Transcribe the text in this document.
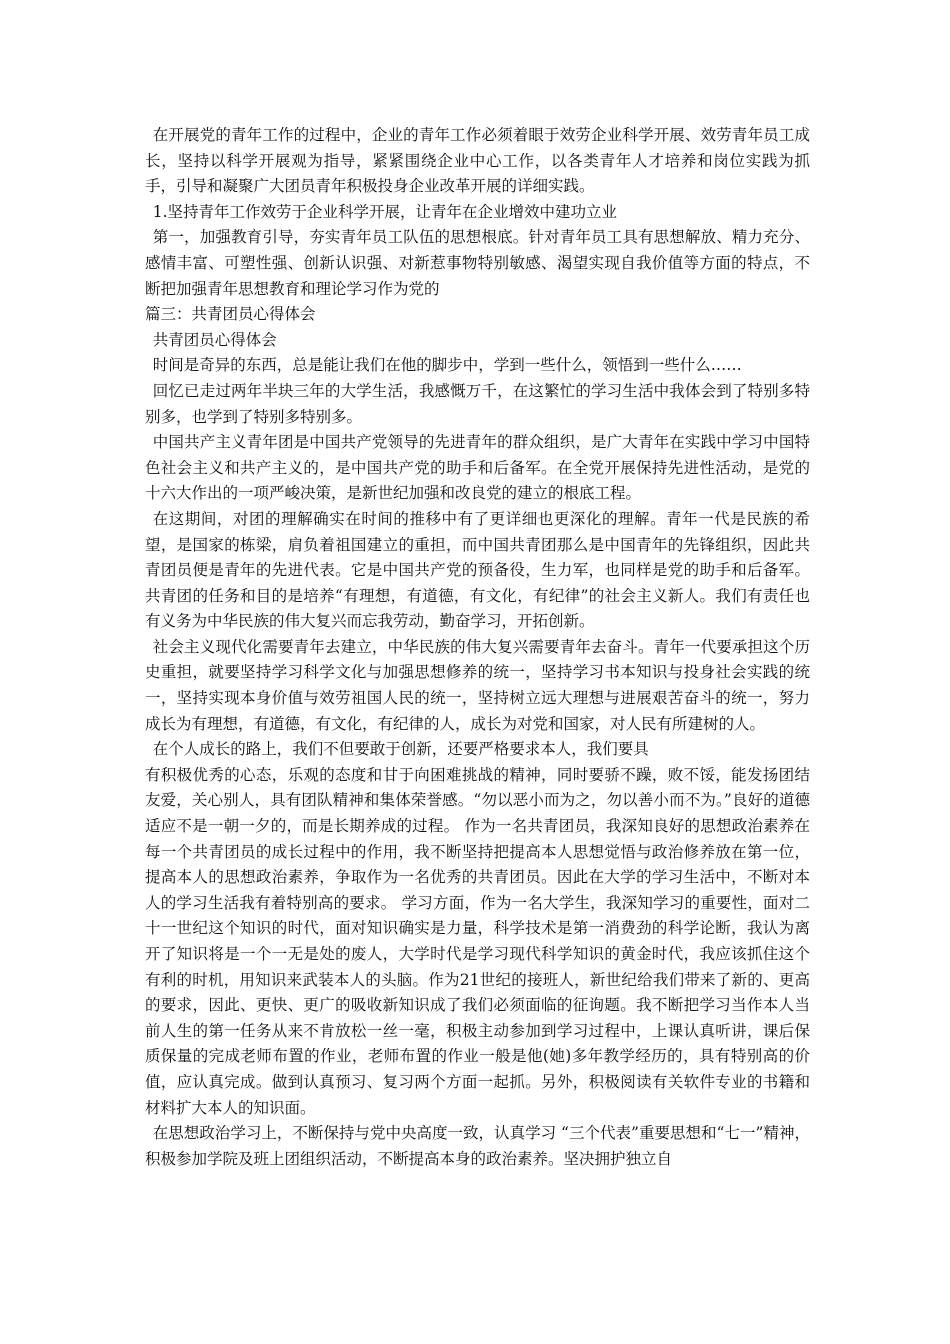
在开展党的青年工作的过程中，企业的青年工作必须着眼于效劳企业科学开展、效劳青年员工成长，坚持以科学开展观为指导，紧紧围绕企业中心工作，以各类青年人才培养和岗位实践为抓手，引导和凝聚广大团员青年积极投身企业改革开展的详细实践。

1.坚持青年工作效劳于企业科学开展，让青年在企业增效中建功立业

第一，加强教育引导，夯实青年员工队伍的思想根底。针对青年员工具有思想解放、精力充分、感情丰富、可塑性强、创新认识强、对新惹事物特别敏感、渴望实现自我价值等方面的特点，不断把加强青年思想教育和理论学习作为党的

篇三：共青团员心得体会

共青团员心得体会

时间是奇异的东西，总是能让我们在他的脚步中，学到一些什么，领悟到一些什么……

回忆已走过两年半块三年的大学生活，我感慨万千，在这繁忙的学习生活中我体会到了特别多特别多，也学到了特别多特别多。

中国共产主义青年团是中国共产党领导的先进青年的群众组织，是广大青年在实践中学习中国特色社会主义和共产主义的，是中国共产党的助手和后备军。在全党开展保持先进性活动，是党的十六大作出的一项严峻决策，是新世纪加强和改良党的建立的根底工程。

在这期间，对团的理解确实在时间的推移中有了更详细也更深化的理解。青年一代是民族的希望，是国家的栋梁，肩负着祖国建立的重担，而中国共青团那么是中国青年的先锋组织，因此共青团员便是青年的先进代表。它是中国共产党的预备役，生力军，也同样是党的助手和后备军。共青团的任务和目的是培养“有理想，有道德，有文化，有纪律”的社会主义新人。我们有责任也有义务为中华民族的伟大复兴而忘我劳动，勤奋学习，开拓创新。

社会主义现代化需要青年去建立，中华民族的伟大复兴需要青年去奋斗。青年一代要承担这个历史重担，就要坚持学习科学文化与加强思想修养的统一，坚持学习书本知识与投身社会实践的统一，坚持实现本身价值与效劳祖国人民的统一，坚持树立远大理想与进展艰苦奋斗的统一，努力成长为有理想，有道德，有文化，有纪律的人，成长为对党和国家，对人民有所建树的人。

在个人成长的路上，我们不但要敢于创新，还要严格要求本人，我们要具

有积极优秀的心态，乐观的态度和甘于向困难挑战的精神，同时要骄不躁，败不馁，能发扬团结友爱，关心别人，具有团队精神和集体荣誉感。“勿以恶小而为之，勿以善小而不为。”良好的道德适应不是一朝一夕的，而是长期养成的过程。 作为一名共青团员，我深知良好的思想政治素养在每一个共青团员的成长过程中的作用，我不断坚持把提高本人思想觉悟与政治修养放在第一位，提高本人的思想政治素养，争取作为一名优秀的共青团员。因此在大学的学习生活中，不断对本人的学习生活我有着特别高的要求。 学习方面，作为一名大学生，我深知学习的重要性，面对二十一世纪这个知识的时代，面对知识确实是力量，科学技术是第一消费劲的科学论断，我认为离开了知识将是一个一无是处的废人，大学时代是学习现代科学知识的黄金时代，我应该抓住这个有利的时机，用知识来武装本人的头脑。作为21世纪的接班人，新世纪给我们带来了新的、更高的要求，因此、更快、更广的吸收新知识成了我们必须面临的征询题。我不断把学习当作本人当前人生的第一任务从来不肯放松一丝一毫，积极主动参加到学习过程中，上课认真听讲，课后保质保量的完成老师布置的作业，老师布置的作业一般是他(她)多年教学经历的，具有特别高的价值，应认真完成。做到认真预习、复习两个方面一起抓。另外，积极阅读有关软件专业的书籍和材料扩大本人的知识面。

在思想政治学习上，不断保持与党中央高度一致，认真学习 “三个代表”重要思想和“七一”精神，积极参加学院及班上团组织活动，不断提高本身的政治素养。坚决拥护独立自
